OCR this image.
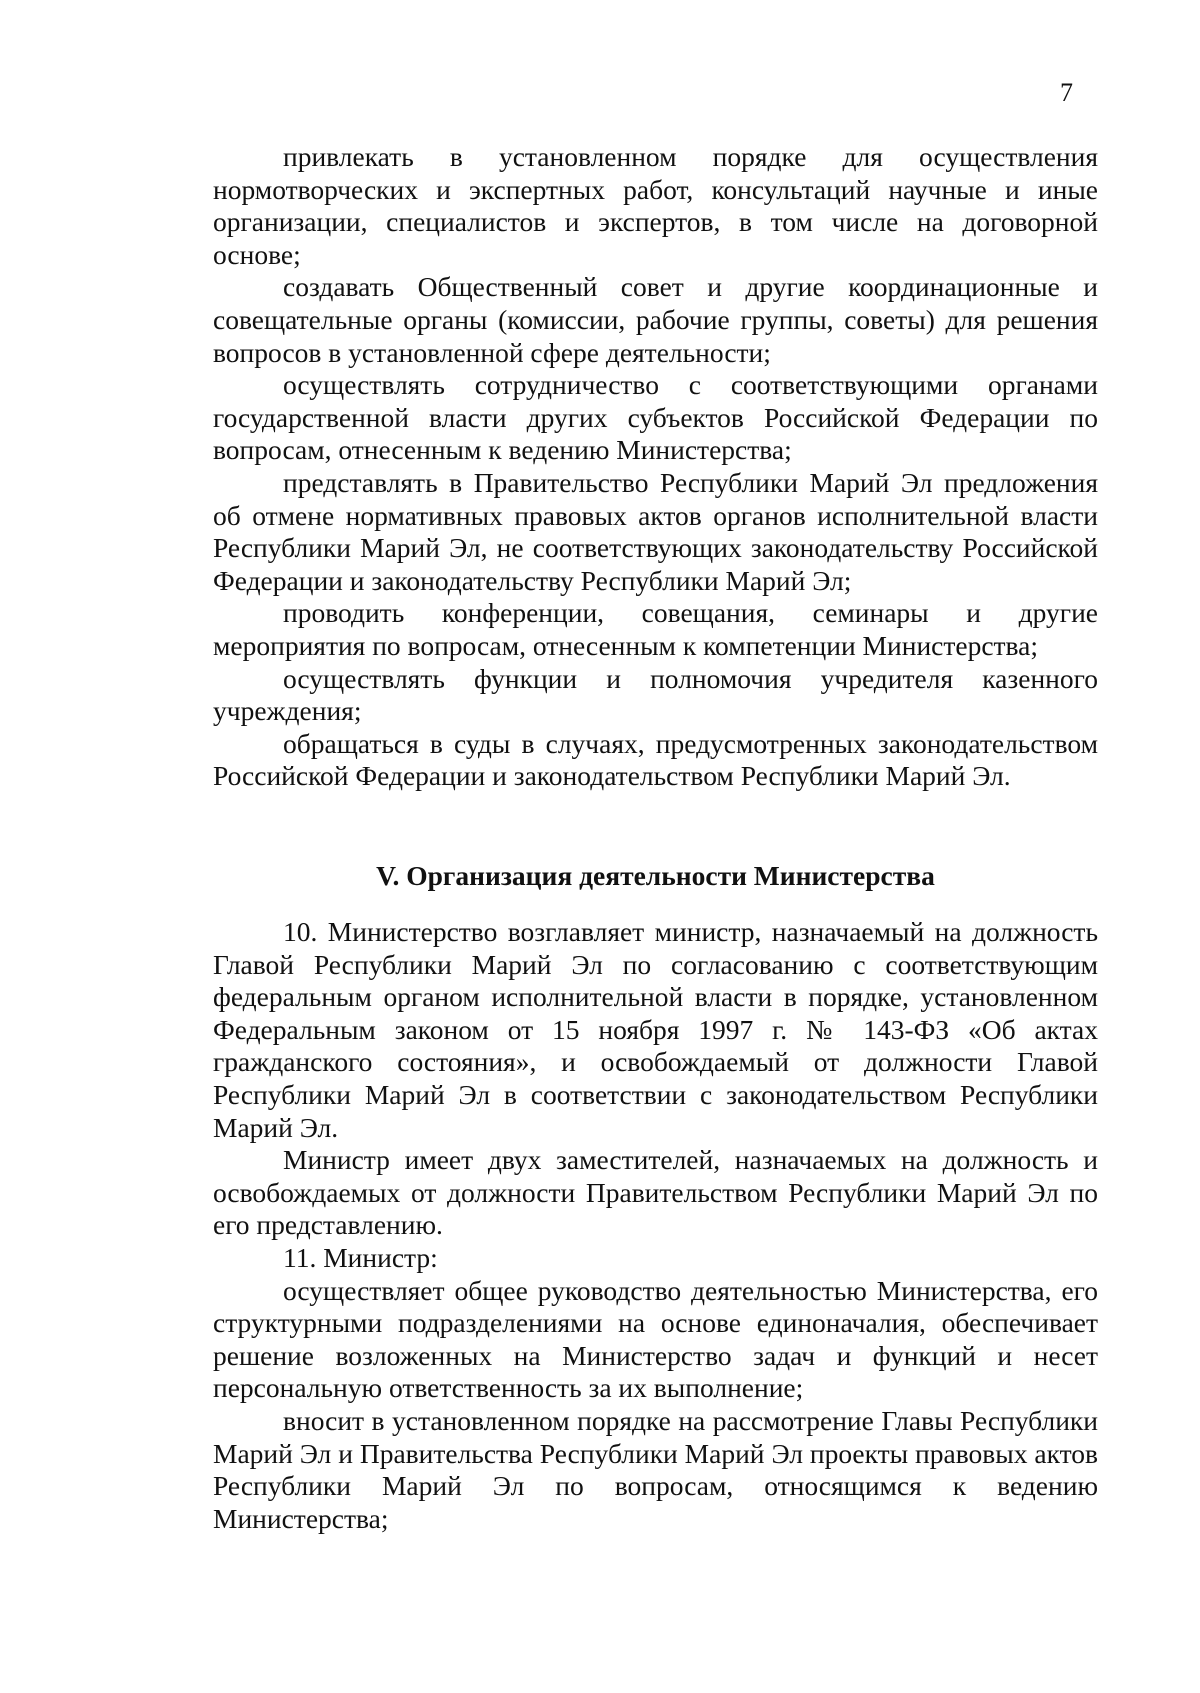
7

привлекать в установленном порядке для осуществления нормотворческих и экспертных работ, консультаций научные и иные организации, специалистов и экспертов, в том числе на договорной основе;

создавать Общественный совет и другие координационные и совещательные органы (комиссии, рабочие группы, советы) для решения вопросов в установленной сфере деятельности;

осуществлять сотрудничество с соответствующими органами государственной власти других субъектов Российской Федерации по вопросам, отнесенным к ведению Министерства;

представлять в Правительство Республики Марий Эл предложения об отмене нормативных правовых актов органов исполнительной власти Республики Марий Эл, не соответствующих законодательству Российской Федерации и законодательству Республики Марий Эл;

проводить конференции, совещания, семинары и другие мероприятия по вопросам, отнесенным к компетенции Министерства;

осуществлять функции и полномочия учредителя казенного учреждения;

обращаться в суды в случаях, предусмотренных законодательством Российской Федерации и законодательством Республики Марий Эл.

V. Организация деятельности Министерства

10. Министерство возглавляет министр, назначаемый на должность Главой Республики Марий Эл по согласованию с соответствующим федеральным органом исполнительной власти в порядке, установленном Федеральным законом от 15 ноября 1997 г. № 143-ФЗ «Об актах гражданского состояния», и освобождаемый от должности Главой Республики Марий Эл в соответствии с законодательством Республики Марий Эл.

Министр имеет двух заместителей, назначаемых на должность и освобождаемых от должности Правительством Республики Марий Эл по его представлению.

11. Министр:

осуществляет общее руководство деятельностью Министерства, его структурными подразделениями на основе единоначалия, обеспечивает решение возложенных на Министерство задач и функций и несет персональную ответственность за их выполнение;

вносит в установленном порядке на рассмотрение Главы Республики Марий Эл и Правительства Республики Марий Эл проекты правовых актов Республики Марий Эл по вопросам, относящимся к ведению Министерства;
